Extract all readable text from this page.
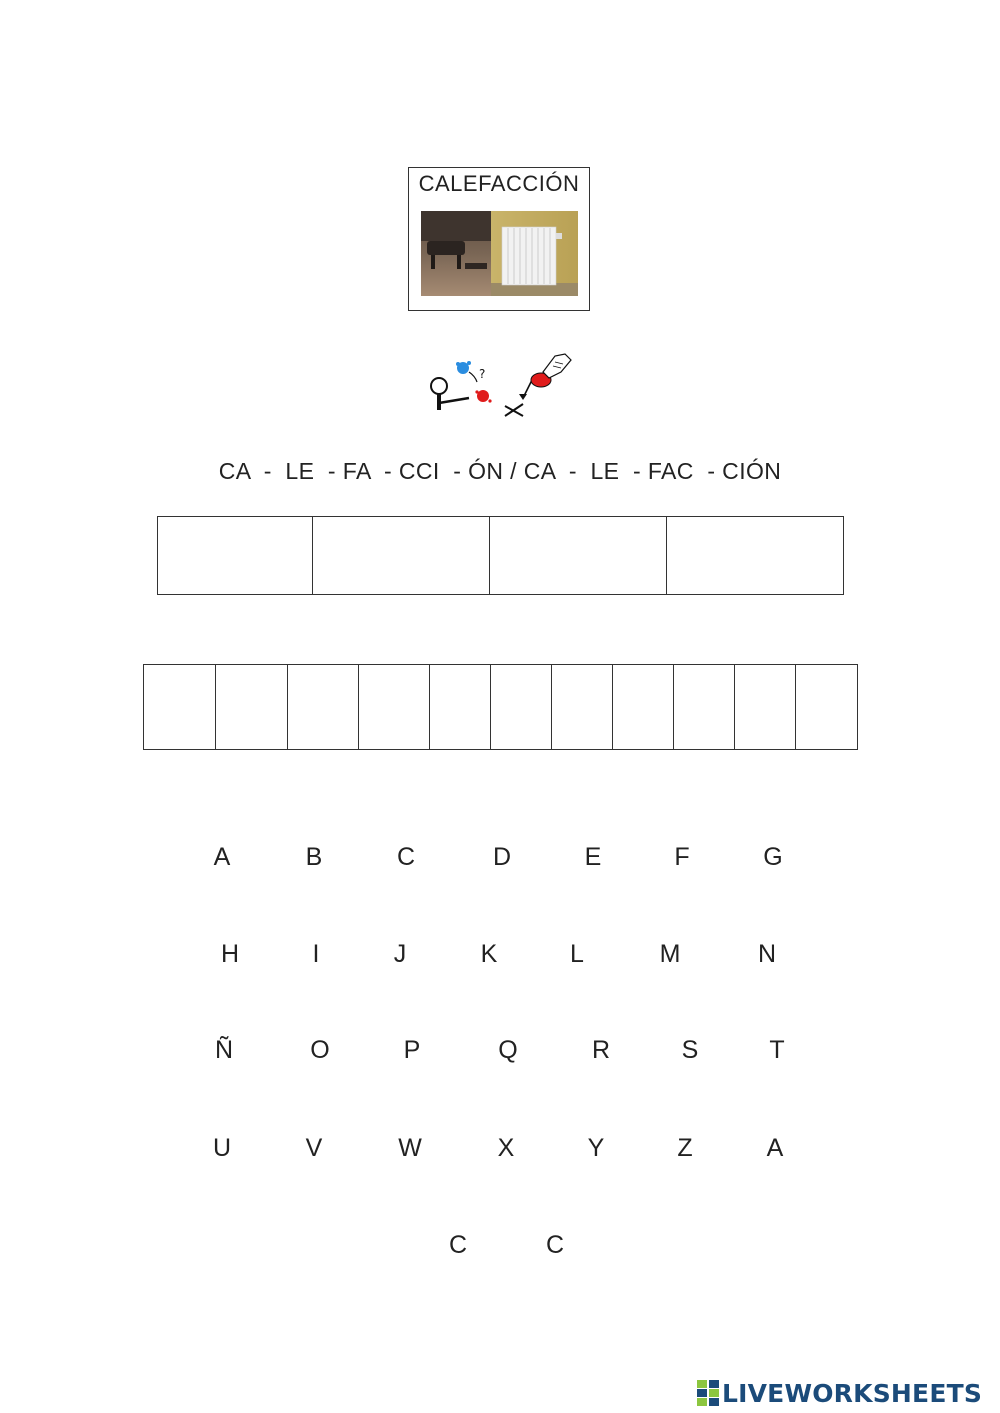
CALEFACCIÓN
?
CA  -  LE  - FA  - CCI  - ÓN / CA  -  LE  - FAC  - CIÓN
A	B	C	D	E	F	G
H	I	J	K	L	M	N
Ñ	O	P	Q	R	S	T
U	V	W	X	Y	Z	A
C	C
LIVEWORKSHEETS
